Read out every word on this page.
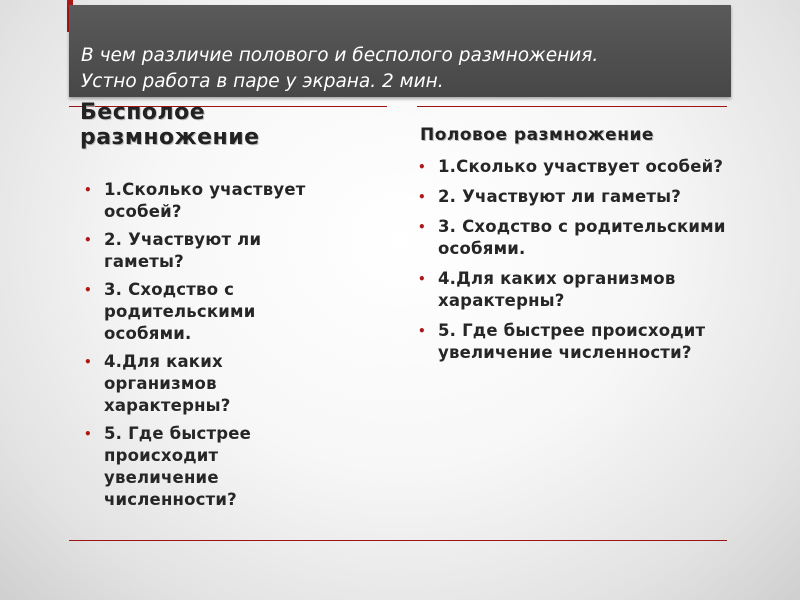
В чем различие полового и бесполого размножения.
Устно работа в паре у экрана. 2 мин.
Бесполое
размножение	Половое размножение
• 1.Сколько участвует особей?
• 2. Участвуют ли гаметы?
• 3. Сходство с родительскими особями.
• 4.Для каких организмов характерны?
• 5. Где быстрее происходит увеличение численности?
• 1.Сколько участвует особей?
• 2. Участвуют ли гаметы?
• 3. Сходство с родительскими особями.
• 4.Для каких организмов характерны?
• 5. Где быстрее происходит увеличение численности?
